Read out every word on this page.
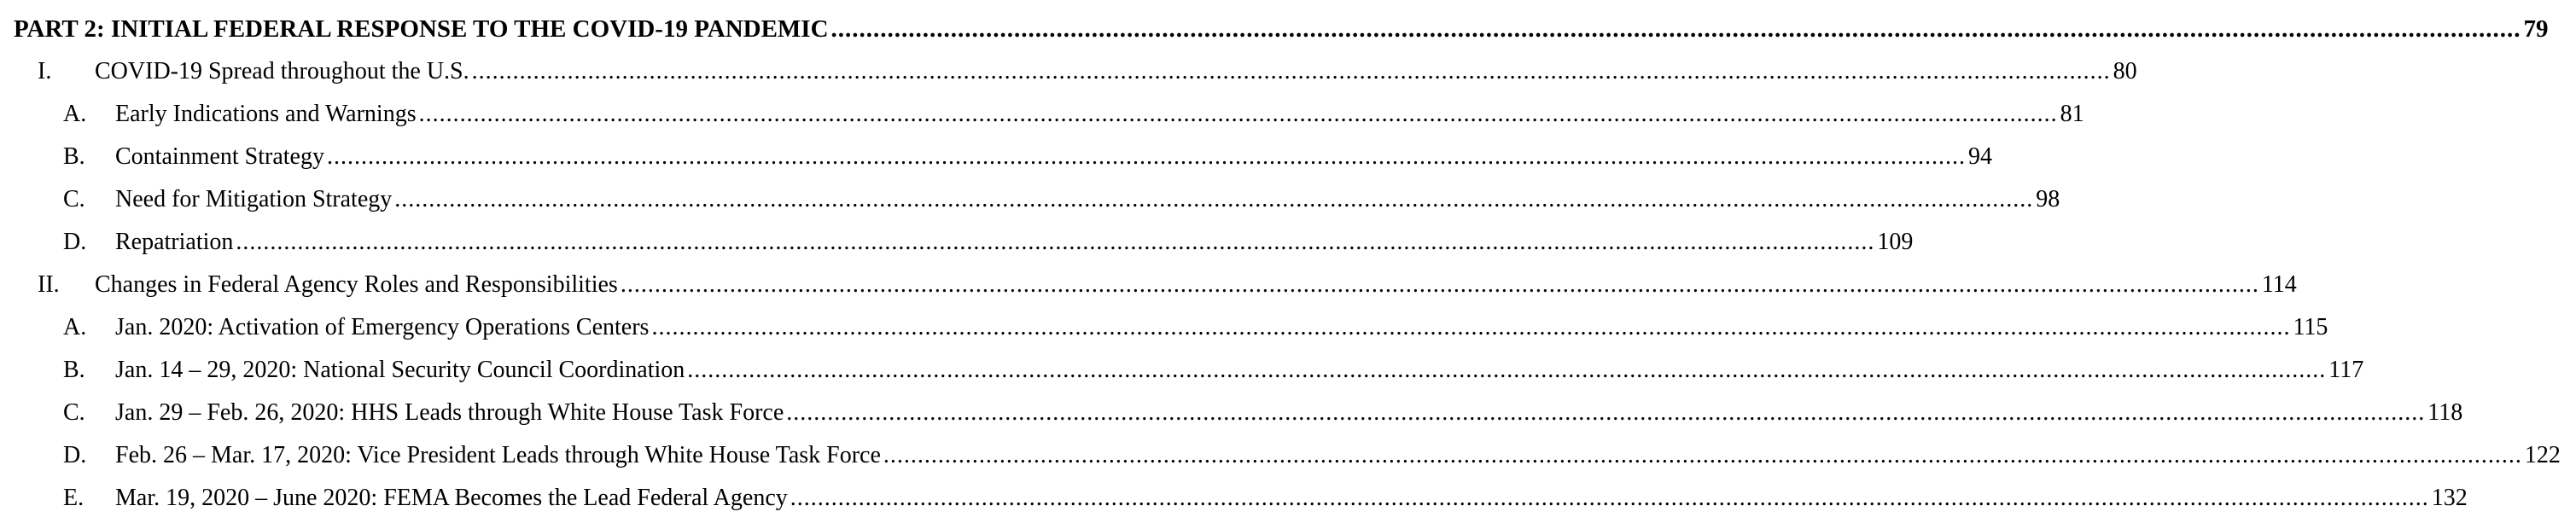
PART 2: INITIAL FEDERAL RESPONSE TO THE COVID-19 PANDEMIC ................................................................................................................................................................................................................................................ 79
I.	COVID-19 Spread throughout the U.S. ................................................................................................................................................................................................................................................ 80
A.	Early Indications and Warnings ................................................................................................................................................................................................................................................ 81
B.	Containment Strategy ................................................................................................................................................................................................................................................ 94
C.	Need for Mitigation Strategy ................................................................................................................................................................................................................................................ 98
D.	Repatriation ................................................................................................................................................................................................................................................ 109
II.	Changes in Federal Agency Roles and Responsibilities ................................................................................................................................................................................................................................................ 114
A.	Jan. 2020: Activation of Emergency Operations Centers ................................................................................................................................................................................................................................................ 115
B.	Jan. 14 – 29, 2020: National Security Council Coordination ................................................................................................................................................................................................................................................ 117
C.	Jan. 29 – Feb. 26, 2020: HHS Leads through White House Task Force ................................................................................................................................................................................................................................................ 118
D.	Feb. 26 – Mar. 17, 2020: Vice President Leads through White House Task Force ................................................................................................................................................................................................................................................ 122
E.	Mar. 19, 2020 – June 2020: FEMA Becomes the Lead Federal Agency ................................................................................................................................................................................................................................................ 132
